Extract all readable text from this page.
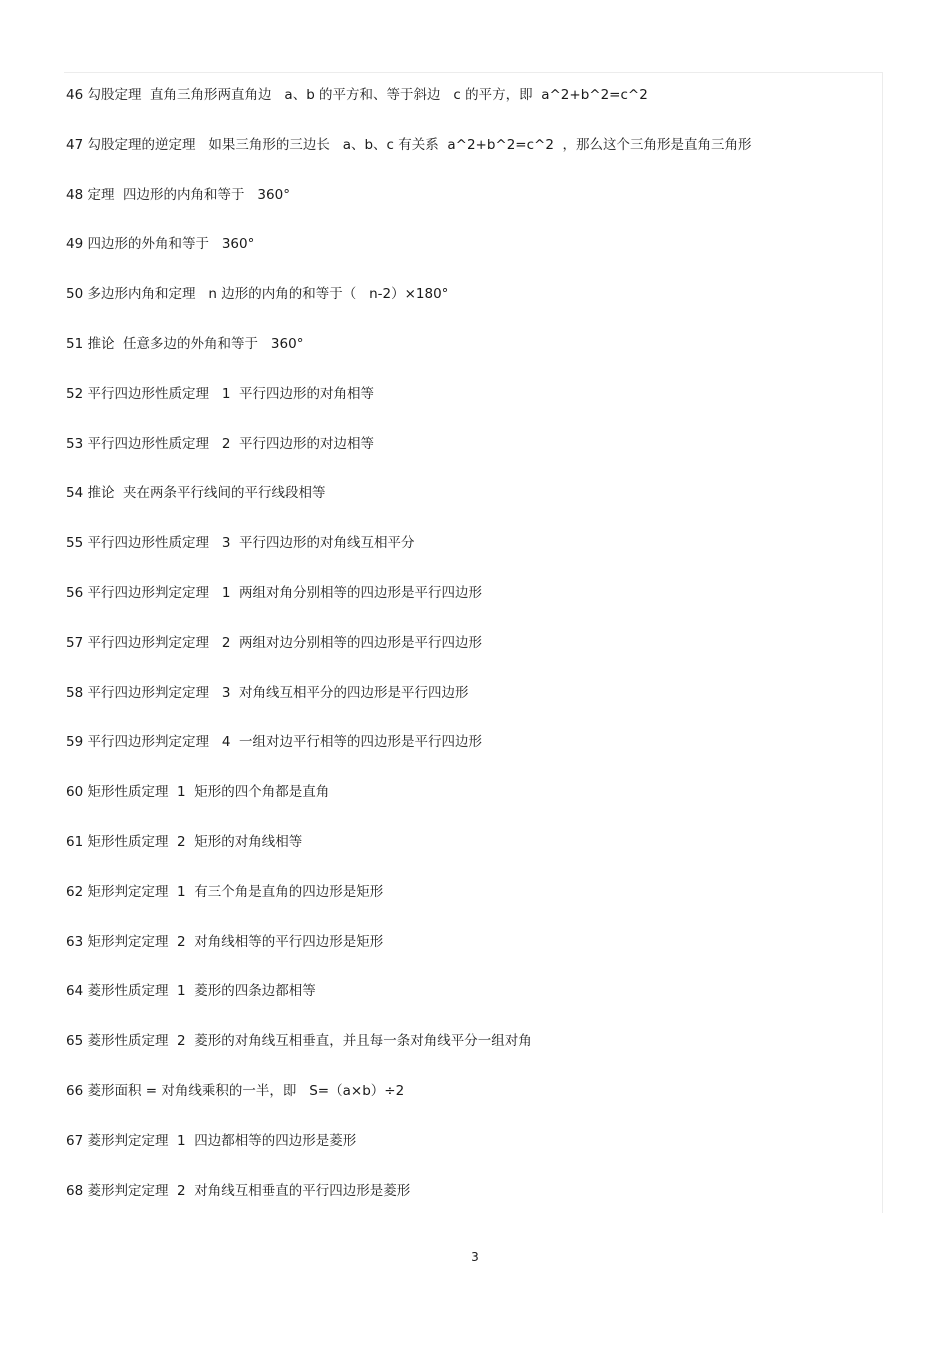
46 勾股定理  直角三角形两直角边   a、b 的平方和、等于斜边   c 的平方，即  a^2+b^2=c^2
47 勾股定理的逆定理   如果三角形的三边长   a、b、c 有关系  a^2+b^2=c^2  ，那么这个三角形是直角三角形
48 定理  四边形的内角和等于   360°
49 四边形的外角和等于   360°
50 多边形内角和定理   n 边形的内角的和等于（   n-2）×180°
51 推论  任意多边的外角和等于   360°
52 平行四边形性质定理   1  平行四边形的对角相等
53 平行四边形性质定理   2  平行四边形的对边相等
54 推论  夹在两条平行线间的平行线段相等
55 平行四边形性质定理   3  平行四边形的对角线互相平分
56 平行四边形判定定理   1  两组对角分别相等的四边形是平行四边形
57 平行四边形判定定理   2  两组对边分别相等的四边形是平行四边形
58 平行四边形判定定理   3  对角线互相平分的四边形是平行四边形
59 平行四边形判定定理   4  一组对边平行相等的四边形是平行四边形
60 矩形性质定理  1  矩形的四个角都是直角
61 矩形性质定理  2  矩形的对角线相等
62 矩形判定定理  1  有三个角是直角的四边形是矩形
63 矩形判定定理  2  对角线相等的平行四边形是矩形
64 菱形性质定理  1  菱形的四条边都相等
65 菱形性质定理  2  菱形的对角线互相垂直，并且每一条对角线平分一组对角
66 菱形面积 = 对角线乘积的一半，即   S=（a×b）÷2
67 菱形判定定理  1  四边都相等的四边形是菱形
68 菱形判定定理  2  对角线互相垂直的平行四边形是菱形
3
